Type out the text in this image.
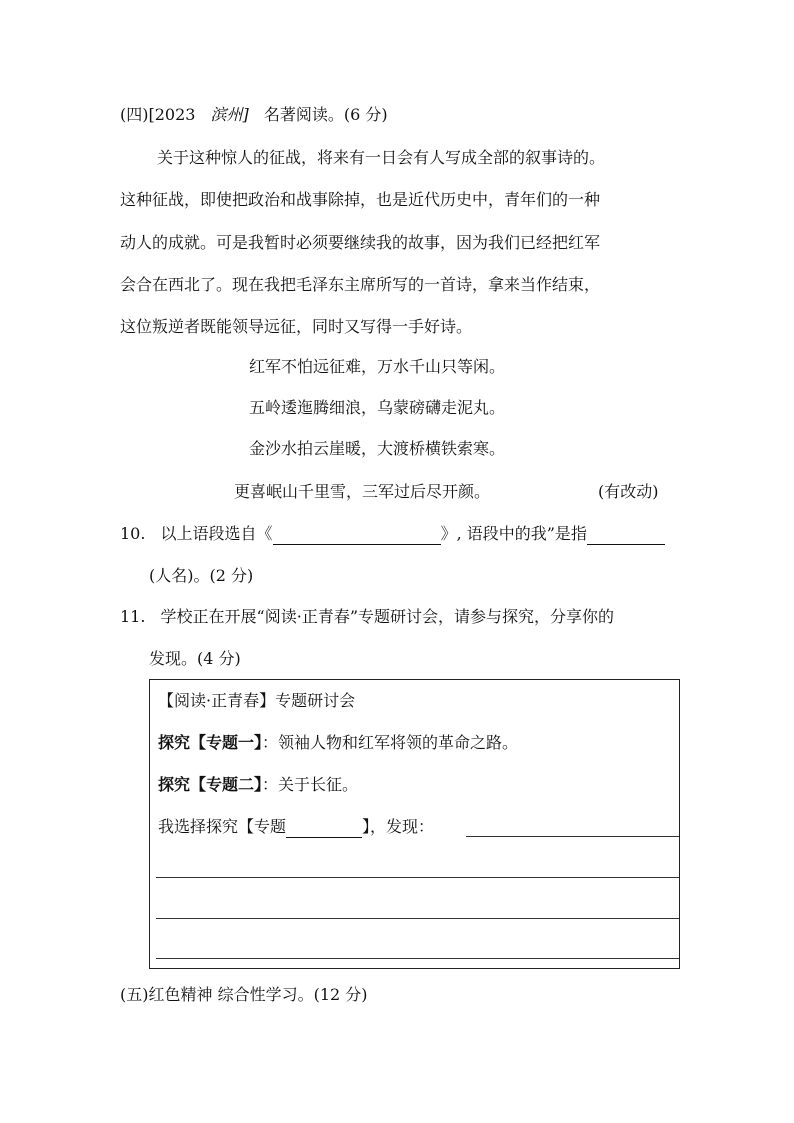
(四)[2023 滨州] 名著阅读。(6 分)
关于这种惊人的征战，将来有一日会有人写成全部的叙事诗的。
这种征战，即使把政治和战事除掉，也是近代历史中，青年们的一种
动人的成就。可是我暂时必须要继续我的故事，因为我们已经把红军
会合在西北了。现在我把毛泽东主席所写的一首诗，拿来当作结束，
这位叛逆者既能领导远征，同时又写得一手好诗。
红军不怕远征难，万水千山只等闲。
五岭逶迤腾细浪，乌蒙磅礴走泥丸。
金沙水拍云崖暖，大渡桥横铁索寒。
更喜岷山千里雪，三军过后尽开颜。	(有改动)
10. 以上语段选自《	》, 语段中的我”是指
(人名)。(2 分)
11. 学校正在开展“阅读·正青春”专题研讨会，请参与探究，分享你的
发现。(4 分)
【阅读·正青春】专题研讨会
探究【专题一】：领袖人物和红军将领的革命之路。
探究【专题二】：关于长征。
我选择探究【专题	】，发现：
(五)红色精神 综合性学习。(12 分)
